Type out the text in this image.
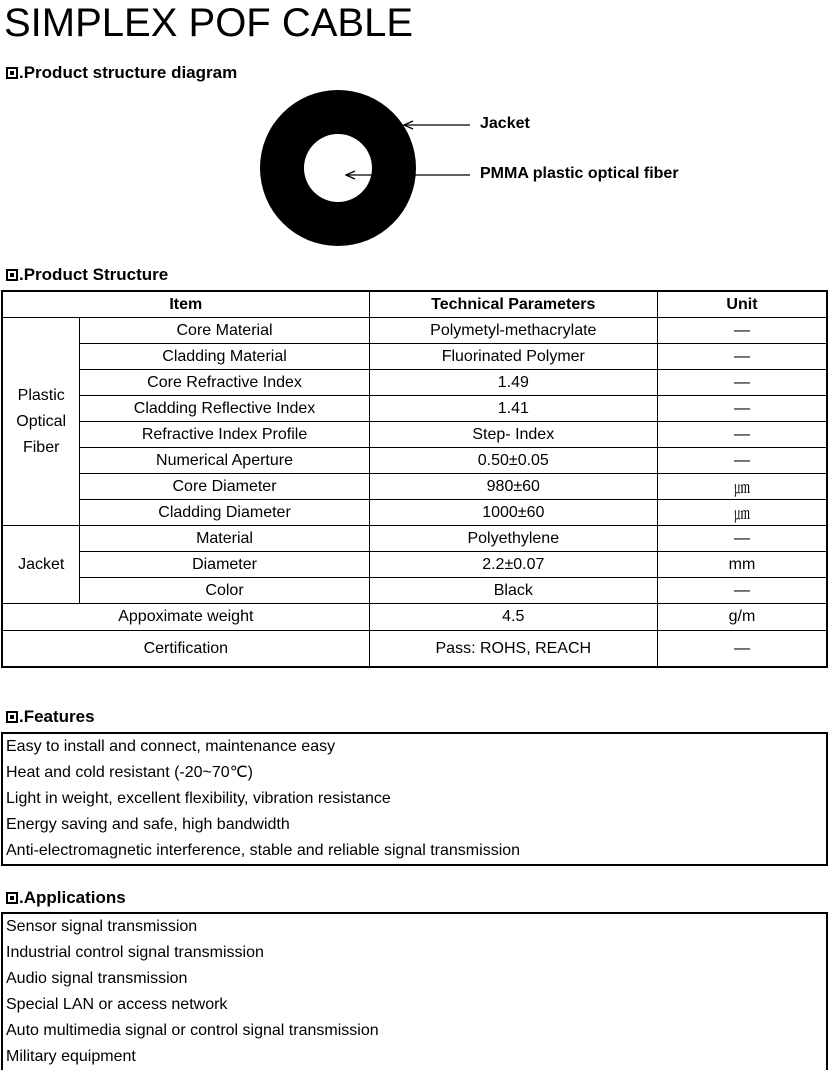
SIMPLEX POF CABLE
.Product structure diagram
Jacket
PMMA plastic optical fiber
.Product Structure
Item		Technical Parameters	Unit
Plastic
Optical
Fiber	Core Material	Polymetyl-methacrylate	—
	Cladding Material	Fluorinated Polymer	—
	Core Refractive Index	1.49	—
	Cladding Reflective Index	1.41	—
	Refractive Index Profile	Step- Index	—
	Numerical Aperture	0.50±0.05	—
	Core Diameter	980±60	㎛
	Cladding Diameter	1000±60	㎛
Jacket	Material	Polyethylene	—
	Diameter	2.2±0.07	mm
	Color	Black	—
Appoximate weight		4.5	g/m
Certification		Pass: ROHS, REACH	—
.Features
Easy to install and connect, maintenance easy
Heat and cold resistant (-20~70℃)
Light in weight, excellent flexibility, vibration resistance
Energy saving and safe, high bandwidth
Anti-electromagnetic interference, stable and reliable signal transmission
.Applications
Sensor signal transmission
Industrial control signal transmission
Audio signal transmission
Special LAN or access network
Auto multimedia signal or control signal transmission
Military equipment
